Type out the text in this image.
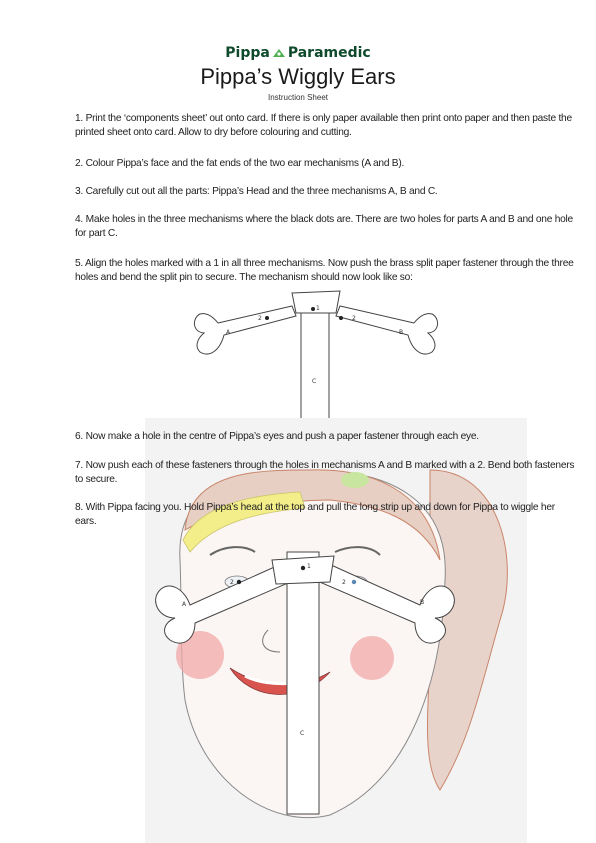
Pippa Paramedic
Pippa’s Wiggly Ears
Instruction Sheet

1. Print the ‘components sheet’ out onto card. If there is only paper available then print onto paper and then paste the printed sheet onto card. Allow to dry before colouring and cutting.

2. Colour Pippa’s face and the fat ends of the two ear mechanisms (A and B).

3. Carefully cut out all the parts: Pippa’s Head and the three mechanisms A, B and C.

4. Make holes in the three mechanisms where the black dots are. There are two holes for parts A and B and one hole for part C.

5. Align the holes marked with a 1 in all three mechanisms. Now push the brass split paper fastener through the three holes and bend the split pin to secure. The mechanism should now look like so:

A	B
C
1
2	2
A	B
C
1
2	2

6. Now make a hole in the centre of Pippa’s eyes and push a paper fastener through each eye.

7. Now push each of these fasteners through the holes in mechanisms A and B marked with a 2. Bend both fasteners to secure.

8. With Pippa facing you. Hold Pippa’s head at the top and pull the long strip up and down for Pippa to wiggle her ears.
